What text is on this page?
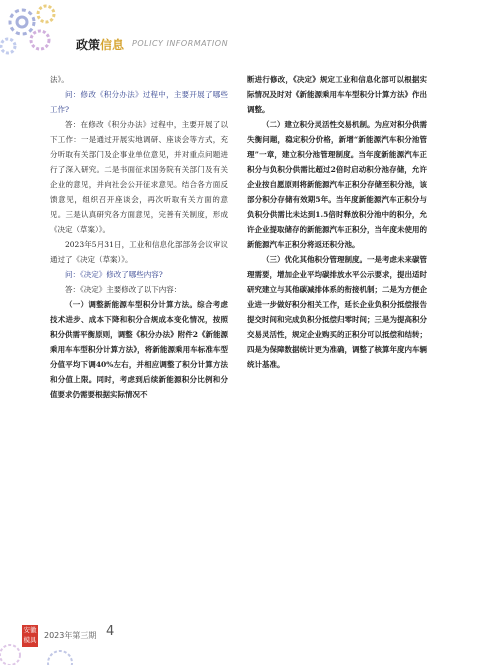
政策信息 POLICY INFORMATION

法》。

问：修改《积分办法》过程中，主要开展了哪些工作?

答：在修改《积分办法》过程中，主要开展了以下工作：一是通过开展实地调研、座谈会等方式，充分听取有关部门及企事业单位意见，并对重点问题进行了深入研究。二是书面征求国务院有关部门及有关企业的意见，并向社会公开征求意见。结合各方面反馈意见，组织召开座谈会，再次听取有关方面的意见。三是认真研究各方面意见，完善有关制度，形成《决定（草案）》。

2023年5月31日，工业和信息化部部务会议审议通过了《决定（草案）》。

问：《决定》修改了哪些内容?

答：《决定》主要修改了以下内容：

（一）调整新能源车型积分计算方法。综合考虑技术进步、成本下降和积分合规成本变化情况，按照积分供需平衡原则，调整《积分办法》附件2《新能源乘用车车型积分计算方法》，将新能源乘用车标准车型分值平均下调40%左右，并相应调整了积分计算方法和分值上限。同时，考虑到后续新能源积分比例和分值要求仍需要根据实际情况不

断进行修改，《决定》规定工业和信息化部可以根据实际情况及时对《新能源乘用车车型积分计算方法》作出调整。

（二）建立积分灵活性交易机制。为应对积分供需失衡问题，稳定积分价格，新增“新能源汽车积分池管理”一章，建立积分池管理制度。当年度新能源汽车正积分与负积分供需比超过2倍时启动积分池存储，允许企业按自愿原则将新能源汽车正积分存储至积分池，该部分积分存储有效期5年。当年度新能源汽车正积分与负积分供需比未达到1.5倍时释放积分池中的积分，允许企业提取储存的新能源汽车正积分，当年度未使用的新能源汽车正积分将返还积分池。

（三）优化其他积分管理制度。一是考虑未来碳管理需要，增加企业平均碳排放水平公示要求，提出适时研究建立与其他碳减排体系的衔接机制；二是为方便企业进一步做好积分相关工作，延长企业负积分抵偿报告提交时间和完成负积分抵偿归零时间；三是为提高积分交易灵活性，规定企业购买的正积分可以抵偿和结转；四是为保障数据统计更为准确，调整了核算年度内车辆统计基准。

安徽模具 2023年第三期 4
